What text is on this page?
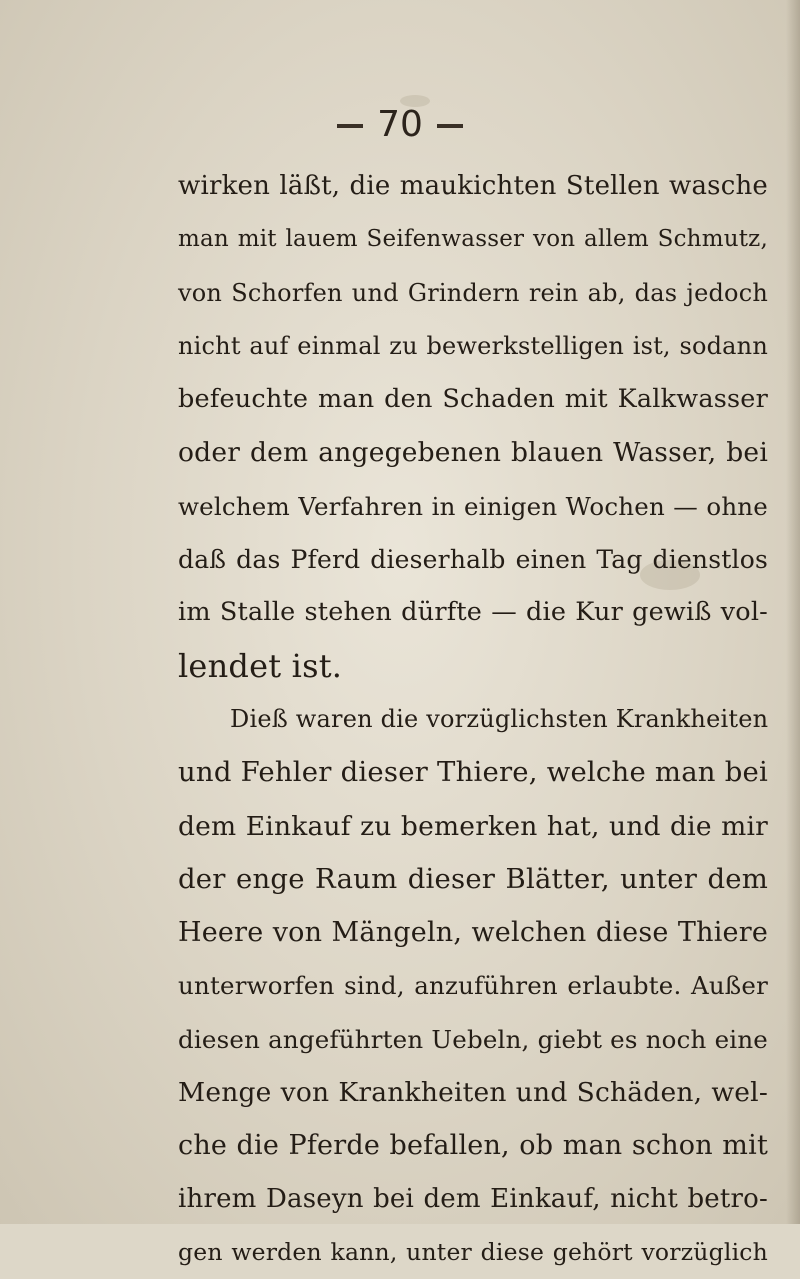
70
wirken läßt, die maukichten Stellen wasche
man mit lauem Seifenwasser von allem Schmutz,
von Schorfen und Grindern rein ab, das jedoch
nicht auf einmal zu bewerkstelligen ist, sodann
befeuchte man den Schaden mit Kalkwasser
oder dem angegebenen blauen Wasser, bei
welchem Verfahren in einigen Wochen — ohne
daß das Pferd dieserhalb einen Tag dienstlos
im Stalle stehen dürfte — die Kur gewiß vol-
lendet ist.
Dieß waren die vorzüglichsten Krankheiten
und Fehler dieser Thiere, welche man bei
dem Einkauf zu bemerken hat, und die mir
der enge Raum dieser Blätter, unter dem
Heere von Mängeln, welchen diese Thiere
unterworfen sind, anzuführen erlaubte. Außer
diesen angeführten Uebeln, giebt es noch eine
Menge von Krankheiten und Schäden, wel-
che die Pferde befallen, ob man schon mit
ihrem Daseyn bei dem Einkauf, nicht betro-
gen werden kann, unter diese gehört vorzüglich
